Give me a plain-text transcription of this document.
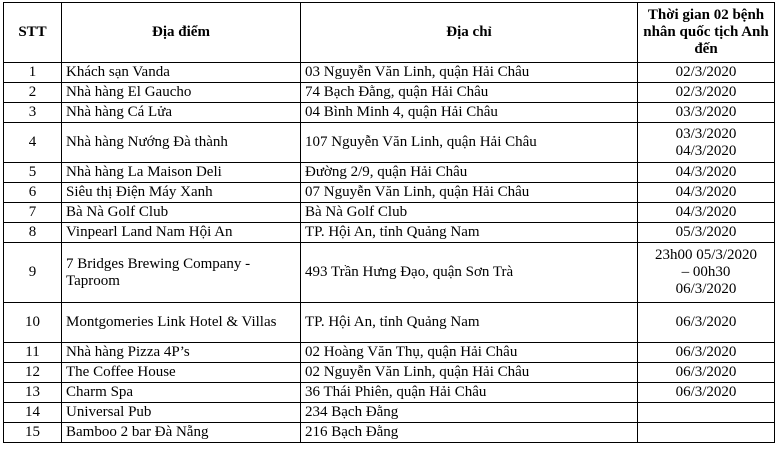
STT	Địa điểm	Địa chỉ	Thời gian 02 bệnh nhân quốc tịch Anh đến
1	Khách sạn Vanda	03 Nguyễn Văn Linh, quận Hải Châu	02/3/2020

2	Nhà hàng El Gaucho	74 Bạch Đằng, quận Hải Châu	02/3/2020

3	Nhà hàng Cá Lửa	04 Bình Minh 4, quận Hải Châu	03/3/2020

4	Nhà hàng Nướng Đà thành	107 Nguyễn Văn Linh, quận Hải Châu	03/3/2020
04/3/2020

5	Nhà hàng La Maison Deli	Đường 2/9, quận Hải Châu	04/3/2020

6	Siêu thị Điện Máy Xanh	07 Nguyễn Văn Linh, quận Hải Châu	04/3/2020

7	Bà Nà Golf Club	Bà Nà Golf Club	04/3/2020

8	Vinpearl Land Nam Hội An	TP. Hội An, tỉnh Quảng Nam	05/3/2020

9	7 Bridges Brewing Company - Taproom	493 Trần Hưng Đạo, quận Sơn Trà	23h00 05/3/2020
– 00h30
06/3/2020

10	Montgomeries Link Hotel & Villas	TP. Hội An, tỉnh Quảng Nam	06/3/2020

11	Nhà hàng Pizza 4P’s	02 Hoàng Văn Thụ, quận Hải Châu	06/3/2020

12	The Coffee House	02 Nguyễn Văn Linh, quận Hải Châu	06/3/2020

13	Charm Spa	36 Thái Phiên, quận Hải Châu	06/3/2020

14	Universal Pub	234 Bạch Đằng	

15	Bamboo 2 bar Đà Nẵng	216 Bạch Đằng	
